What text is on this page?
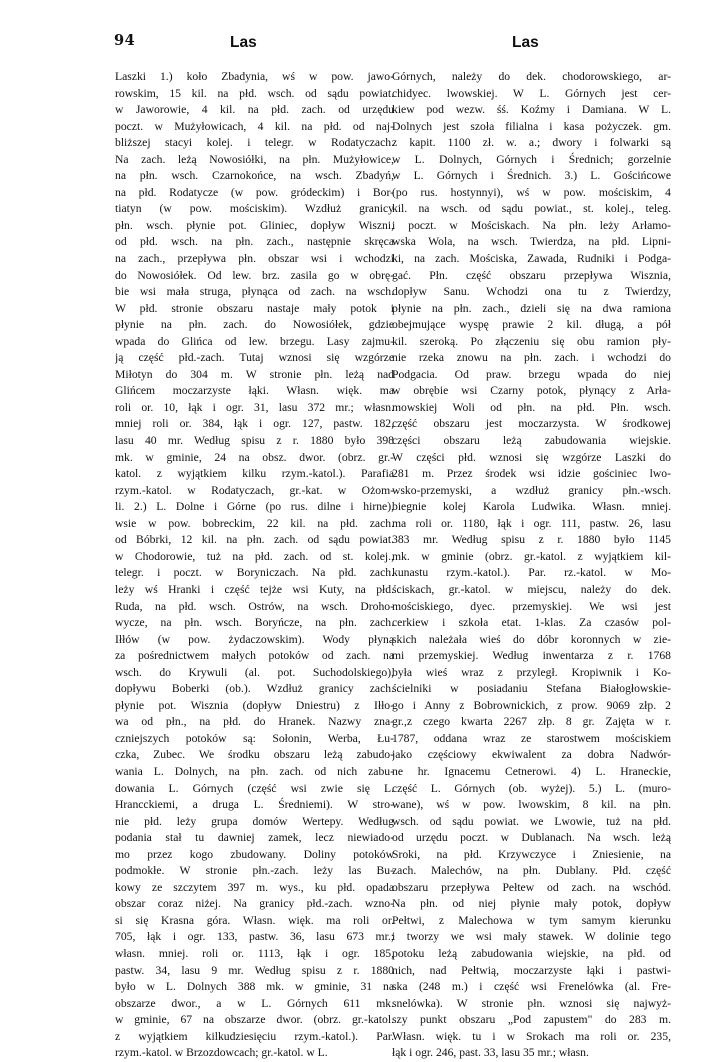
94	Las	Las
Laszki 1.) koło Zbadynia, wś w pow. jawo-
rowskim, 15 kil. na płd. wsch. od sądu powiat.
w Jaworowie, 4 kil. na płd. zach. od urzędu
poczt. w Mużyłowicach, 4 kil. na płd. od naj-
bliższej stacyi kolej. i telegr. w Rodatyczach.
Na zach. leżą Nowosiółki, na płn. Mużyłowice,
na płn. wsch. Czarnokońce, na wsch. Zbadyń,
na płd. Rodatycze (w pow. gródeckim) i Bor-
tiatyn (w pow. mościskim). Wzdłuż granicy
płn. wsch. płynie pot. Gliniec, dopływ Wiszni,
od płd. wsch. na płn. zach., następnie skręca
na zach., przepływa płn. obszar wsi i wchodzi
do Nowosiółek. Od lew. brz. zasila go w obrę-
bie wsi mała struga, płynąca od zach. na wsch.
W płd. stronie obszaru nastaje mały potok i
płynie na płn. zach. do Nowosiółek, gdzie
wpada do Glińca od lew. brzegu. Lasy zajmu-
ją część płd.-zach. Tutaj wznosi się wzgórze
Miłotyn do 304 m. W stronie płn. leżą nad
Glińcem moczarzyste łąki. Własn. więk. ma
roli or. 10, łąk i ogr. 31, lasu 372 mr.; własn.
mniej roli or. 384, łąk i ogr. 127, pastw. 182,
lasu 40 mr. Według spisu z r. 1880 było 398
mk. w gminie, 24 na obsz. dwor. (obrz. gr.-
katol. z wyjątkiem kilku rzym.-katol.). Parafia
rzym.-katol. w Rodatyczach, gr.-kat. w Ożom-
li. 2.) L. Dolne i Górne (po rus. dilne i hirne),
wsie w pow. bobreckim, 22 kil. na płd. zach.
od Bóbrki, 12 kil. na płn. zach. od sądu powiat.
w Chodorowie, tuż na płd. zach. od st. kolej.,
telegr. i poczt. w Boryniczach. Na płd. zach.
leży wś Hranki i część tejże wsi Kuty, na płd.
Ruda, na płd. wsch. Ostrów, na wsch. Droho-
wycze, na płn. wsch. Boryńcze, na płn. zach.
Iłłów (w pow. żydaczowskim). Wody płyną
za pośrednictwem małych potoków od zach. na
wsch. do Krywuli (al. pot. Suchodolskiego),
dopływu Boberki (ob.). Wzdłuż granicy zach.
płynie pot. Wisznia (dopływ Dniestru) z Iłło-
wa od płn., na płd. do Hranek. Nazwy zna-
czniejszych potoków są: Sołonin, Werba, Łu-
czka, Zubec. We środku obszaru leżą zabudo-
wania L. Dolnych, na płn. zach. od nich zabu-
dowania L. Górnych (część wsi zwie się L.
Hrancckiemi, a druga L. Średniemi). W stro-
nie płd. leży grupa domów Wertepy. Według
podania stał tu dawniej zamek, lecz niewiado-
mo przez kogo zbudowany. Doliny potoków
podmokłe. W stronie płn.-zach. leży las Bu-
kowy ze szczytem 397 m. wys., ku płd. opada
obszar coraz niżej. Na granicy płd.-zach. wzno-
si się Krasna góra. Własn. więk. ma roli or.
705, łąk i ogr. 133, pastw. 36, lasu 673 mr.;
własn. mniej. roli or. 1113, łąk i ogr. 185,
pastw. 34, lasu 9 mr. Według spisu z r. 1880
było w L. Dolnych 388 mk. w gminie, 31 na
obszarze dwor., a w L. Górnych 611 mk.
w gminie, 67 na obszarze dwor. (obrz. gr.-katol.
z wyjątkiem kilkudziesięciu rzym.-katol.). Par.
rzym.-katol. w Brzozdowcach; gr.-katol. w L.
Górnych, należy do dek. chodorowskiego, ar-
chidyec. lwowskiej. W L. Górnych jest cer-
kiew pod wezw. śś. Koźmy i Damiana. W L.
Dolnych jest szoła filialna i kasa pożyczek. gm.
z kapit. 1100 zł. w. a.; dwory i folwarki są
w L. Dolnych, Górnych i Średnich; gorzelnie
w L. Górnych i Średnich. 3.) L. Gościńcowe
(po rus. hostynnyi), wś w pow. mościskim, 4
kil. na wsch. od sądu powiat., st. kolej., teleg.
i poczt. w Mościskach. Na płn. leży Arłamo-
wska Wola, na wsch. Twierdza, na płd. Lipni-
ki, na zach. Mościska, Zawada, Rudniki i Podga-
gać. Płn. część obszaru przepływa Wisznia,
dopływ Sanu. Wchodzi ona tu z Twierdzy,
płynie na płn. zach., dzieli się na dwa ramiona
obejmujące wyspę prawie 2 kil. długą, a pół
kil. szeroką. Po złączeniu się obu ramion pły-
nie rzeka znowu na płn. zach. i wchodzi do
Podgacia. Od praw. brzegu wpada do niej
w obrębie wsi Czarny potok, płynący z Arła-
mowskiej Woli od płn. na płd. Płn. wsch.
część obszaru jest moczarzysta. W środkowej
części obszaru leżą zabudowania wiejskie.
W części płd. wznosi się wzgórze Laszki do
281 m. Przez środek wsi idzie gościniec lwo-
wsko-przemyski, a wzdłuż granicy płn.-wsch.
biegnie kolej Karola Ludwika. Własn. mniej.
ma roli or. 1180, łąk i ogr. 111, pastw. 26, lasu
383 mr. Według spisu z r. 1880 było 1145
mk. w gminie (obrz. gr.-katol. z wyjątkiem kil-
kunastu rzym.-katol.). Par. rz.-katol. w Mo-
ściskach, gr.-katol. w miejscu, należy do dek.
mościskiego, dyec. przemyskiej. We wsi jest
cerkiew i szkoła etat. 1-klas. Za czasów pol-
skich należała wieś do dóbr koronnych w zie-
mi przemyskiej. Według inwentarza z r. 1768
była wieś wraz z przyległ. Kropiwnik i Ko-
ścielniki w posiadaniu Stefana Białogłowskie-
go i Anny z Bobrownickich, z prow. 9069 złp. 2
gr.,z czego kwarta 2267 złp. 8 gr. Zajęta w r.
1787, oddana wraz ze starostwem mościskiem
jako częściowy ekwiwalent za dobra Nadwór-
ne hr. Ignacemu Cetnerowi. 4) L. Hraneckie,
część L. Górnych (ob. wyżej). 5.) L. (muro-
wane), wś w pow. lwowskim, 8 kil. na płn.
wsch. od sądu powiat. we Lwowie, tuż na płd.
od urzędu poczt. w Dublanach. Na wsch. leżą
Sroki, na płd. Krzywczyce i Zniesienie, na
zach. Malechów, na płn. Dublany. Płd. część
obszaru przepływa Pełtew od zach. na wschód.
Na płn. od niej płynie mały potok, dopływ
Pełtwi, z Malechowa w tym samym kierunku
i tworzy we wsi mały stawek. W dolinie tego
potoku leżą zabudowania wiejskie, na płd. od
nich, nad Pełtwią, moczarzyste łąki i pastwi-
ska (248 m.) i część wsi Frenelówka (al. Fre-
snelówka). W stronie płn. wznosi się najwyż-
szy punkt obszaru „Pod zapustem" do 283 m.
Własn. więk. tu i w Srokach ma roli or. 235,
łąk i ogr. 246, past. 33, lasu 35 mr.; własn.
